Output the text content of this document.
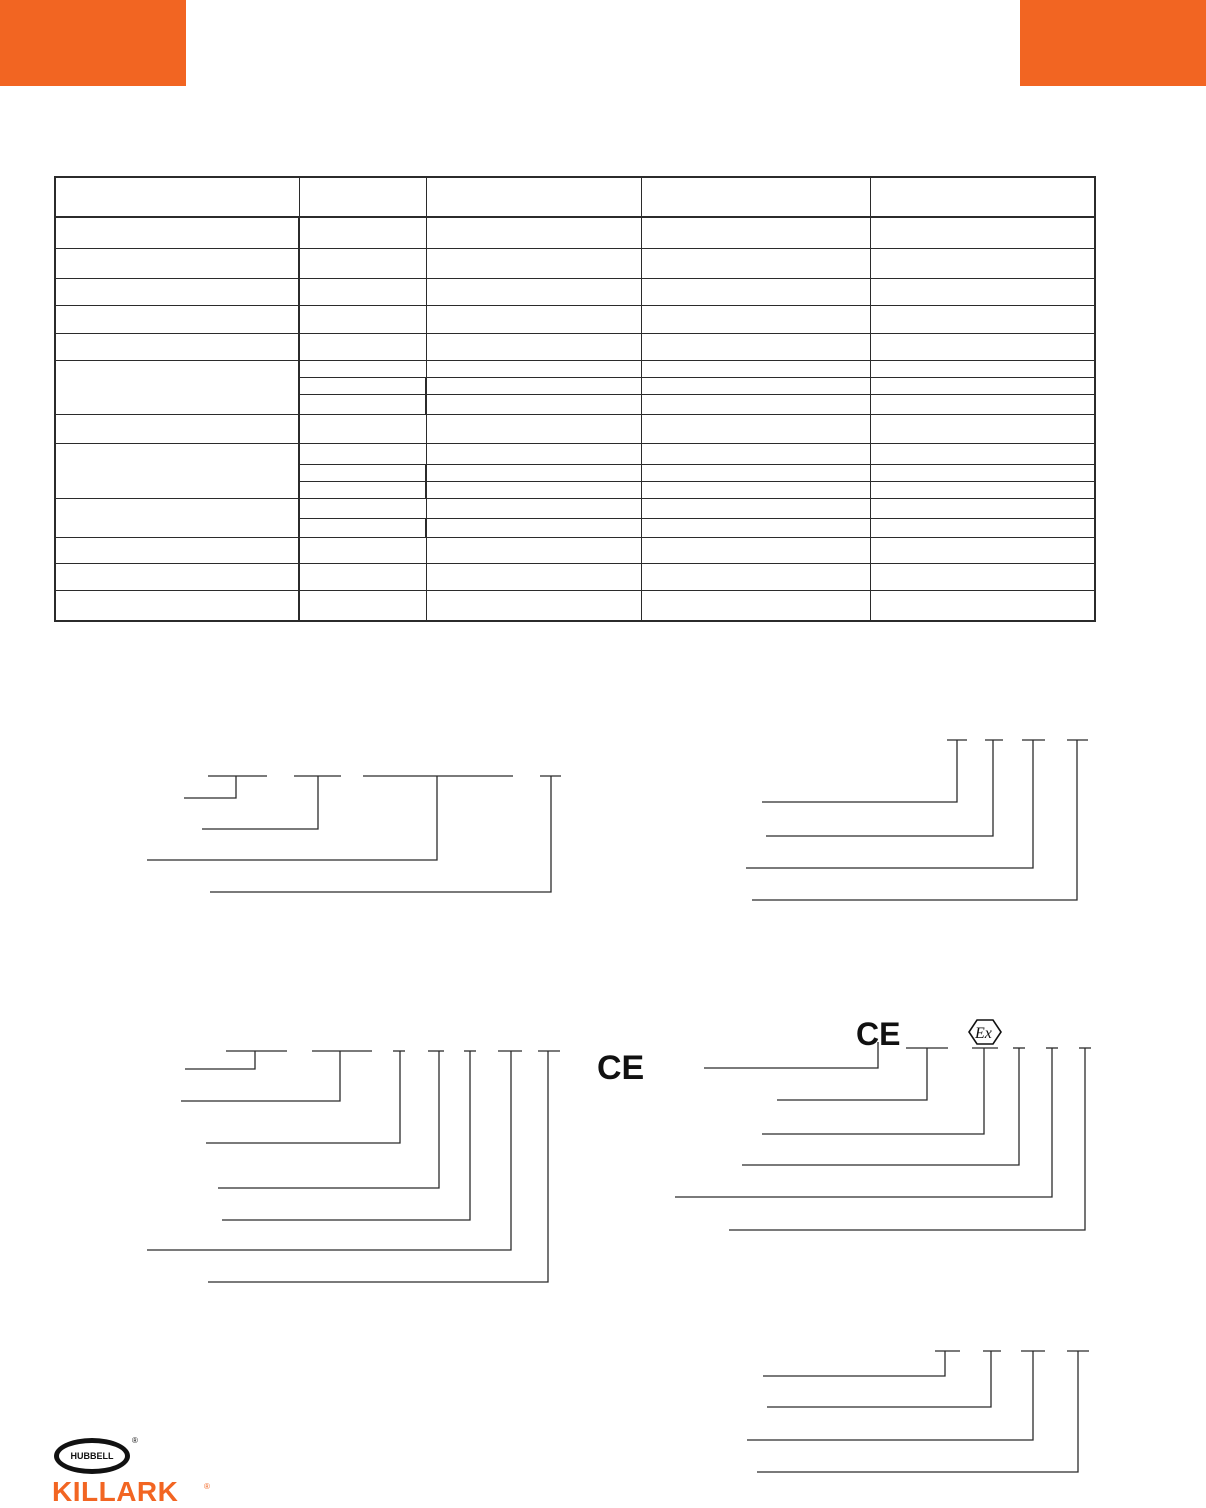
CE
CE	Ex
HUBBELL
®
KILLARK	®
